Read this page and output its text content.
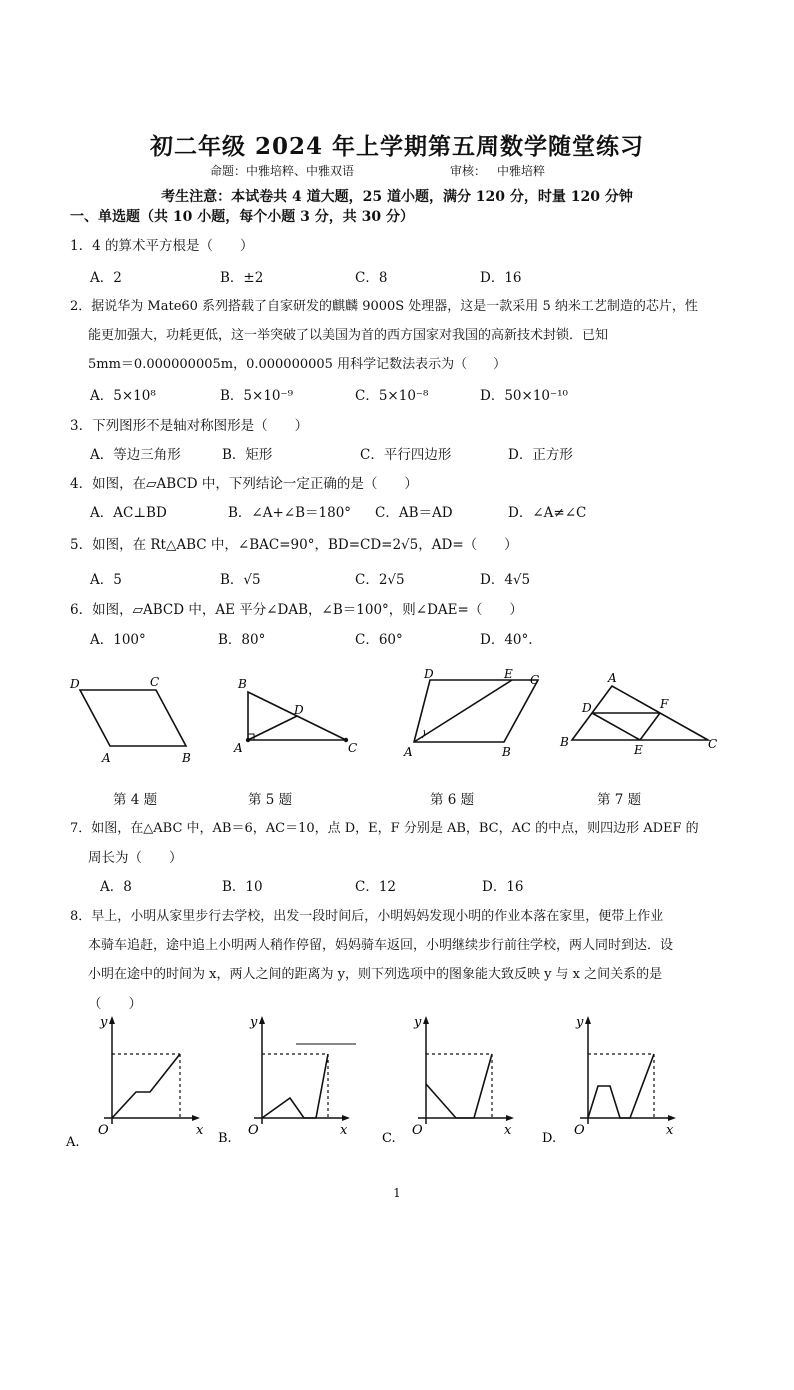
初二年级 2024 年上学期第五周数学随堂练习
命题：中雅培粹、中雅双语	审核： 中雅培粹
考生注意：本试卷共 4 道大题，25 道小题，满分 120 分，时量 120 分钟
一、单选题（共 10 小题，每个小题 3 分，共 30 分）
1．4 的算术平方根是（　　）
A．2	B．±2	C．8	D．16
2．据说华为 Mate60 系列搭载了自家研发的麒麟 9000S 处理器，这是一款采用 5 纳米工艺制造的芯片，性
能更加强大，功耗更低，这一举突破了以美国为首的西方国家对我国的高新技术封锁．已知
5mm＝0.000000005m，0.000000005 用科学记数法表示为（　　）
A．5×10⁸	B．5×10⁻⁹	C．5×10⁻⁸	D．50×10⁻¹⁰
3．下列图形不是轴对称图形是（　　）
A．等边三角形	B．矩形	C．平行四边形	D．正方形
4．如图，在▱ABCD 中，下列结论一定正确的是（　　）
A．AC⊥BD	B．∠A+∠B＝180° C．AB＝AD	D．∠A≠∠C
5．如图，在 Rt△ABC 中，∠BAC=90°，BD=CD=2√5，AD=（　　）
A．5	B．√5	C．2√5	D．4√5
6．如图，▱ABCD 中，AE 平分∠DAB，∠B＝100°，则∠DAE=（　　）
A．100°	B．80°	C．60°	D．40°.
D	C
A	B
第 4 题
B
D
A	C
第 5 题
D	E C
A	B
第 6 题
A
D	F
B
E	C
第 7 题
7．如图，在△ABC 中，AB＝6，AC＝10，点 D，E，F 分别是 AB，BC，AC 的中点，则四边形 ADEF 的
周长为（　　）
A．8	B．10	C．12	D．16
8．早上，小明从家里步行去学校，出发一段时间后，小明妈妈发现小明的作业本落在家里，便带上作业
本骑车追赶，途中追上小明两人稍作停留，妈妈骑车返回，小明继续步行前往学校，两人同时到达．设
小明在途中的时间为 x，两人之间的距离为 y，则下列选项中的图象能大致反映 y 与 x 之间关系的是
（　　）
y
x
O
A.
y
x
O
B.
y
x
O
C.
y
x
O
D.
1
